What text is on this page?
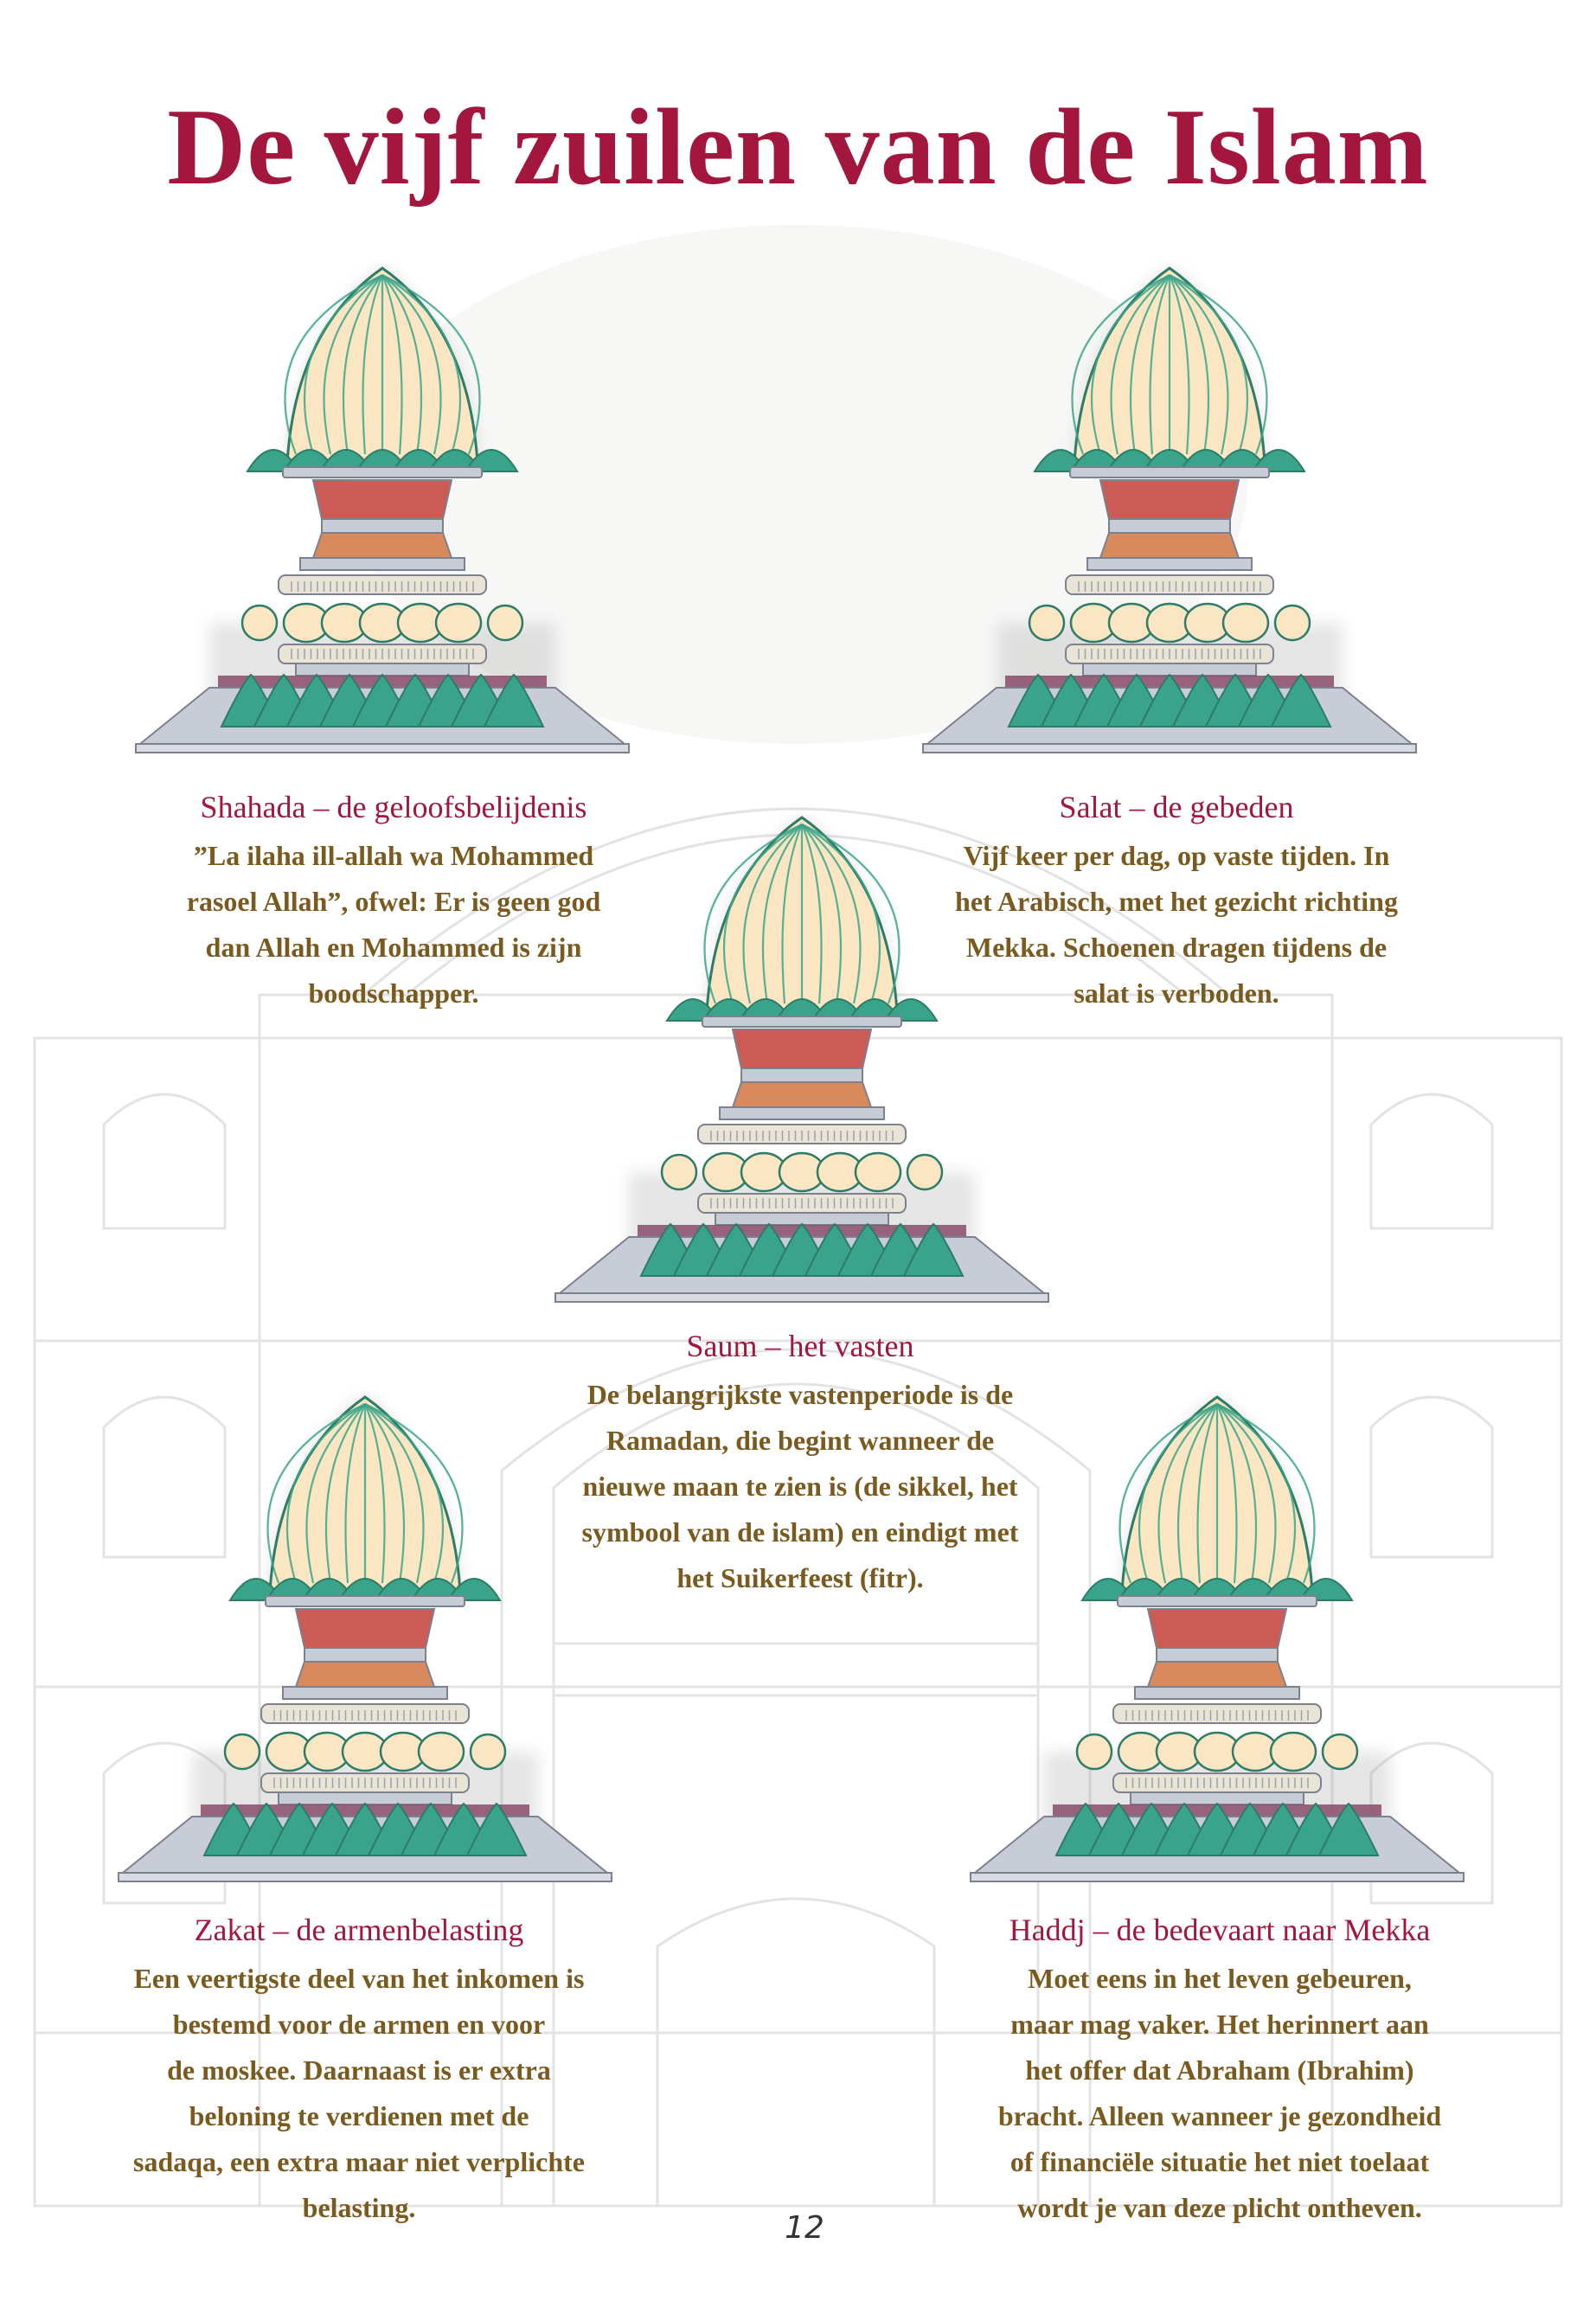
De vijf zuilen van de Islam
Shahada – de geloofsbelijdenis
”La ilaha ill-allah wa Mohammed
rasoel Allah”, ofwel: Er is geen god
dan Allah en Mohammed is zijn
boodschapper.
Salat – de gebeden
Vijf keer per dag, op vaste tijden. In
het Arabisch, met het gezicht richting
Mekka. Schoenen dragen tijdens de
salat is verboden.
Saum – het vasten
De belangrijkste vastenperiode is de
Ramadan, die begint wanneer de
nieuwe maan te zien is (de sikkel, het
symbool van de islam) en eindigt met
het Suikerfeest (fitr).
Zakat – de armenbelasting
Een veertigste deel van het inkomen is
bestemd voor de armen en voor
de moskee. Daarnaast is er extra
beloning te verdienen met de
sadaqa, een extra maar niet verplichte
belasting.
Haddj – de bedevaart naar Mekka
Moet eens in het leven gebeuren,
maar mag vaker. Het herinnert aan
het offer dat Abraham (Ibrahim)
bracht. Alleen wanneer je gezondheid
of financiële situatie het niet toelaat
wordt je van deze plicht ontheven.
12
